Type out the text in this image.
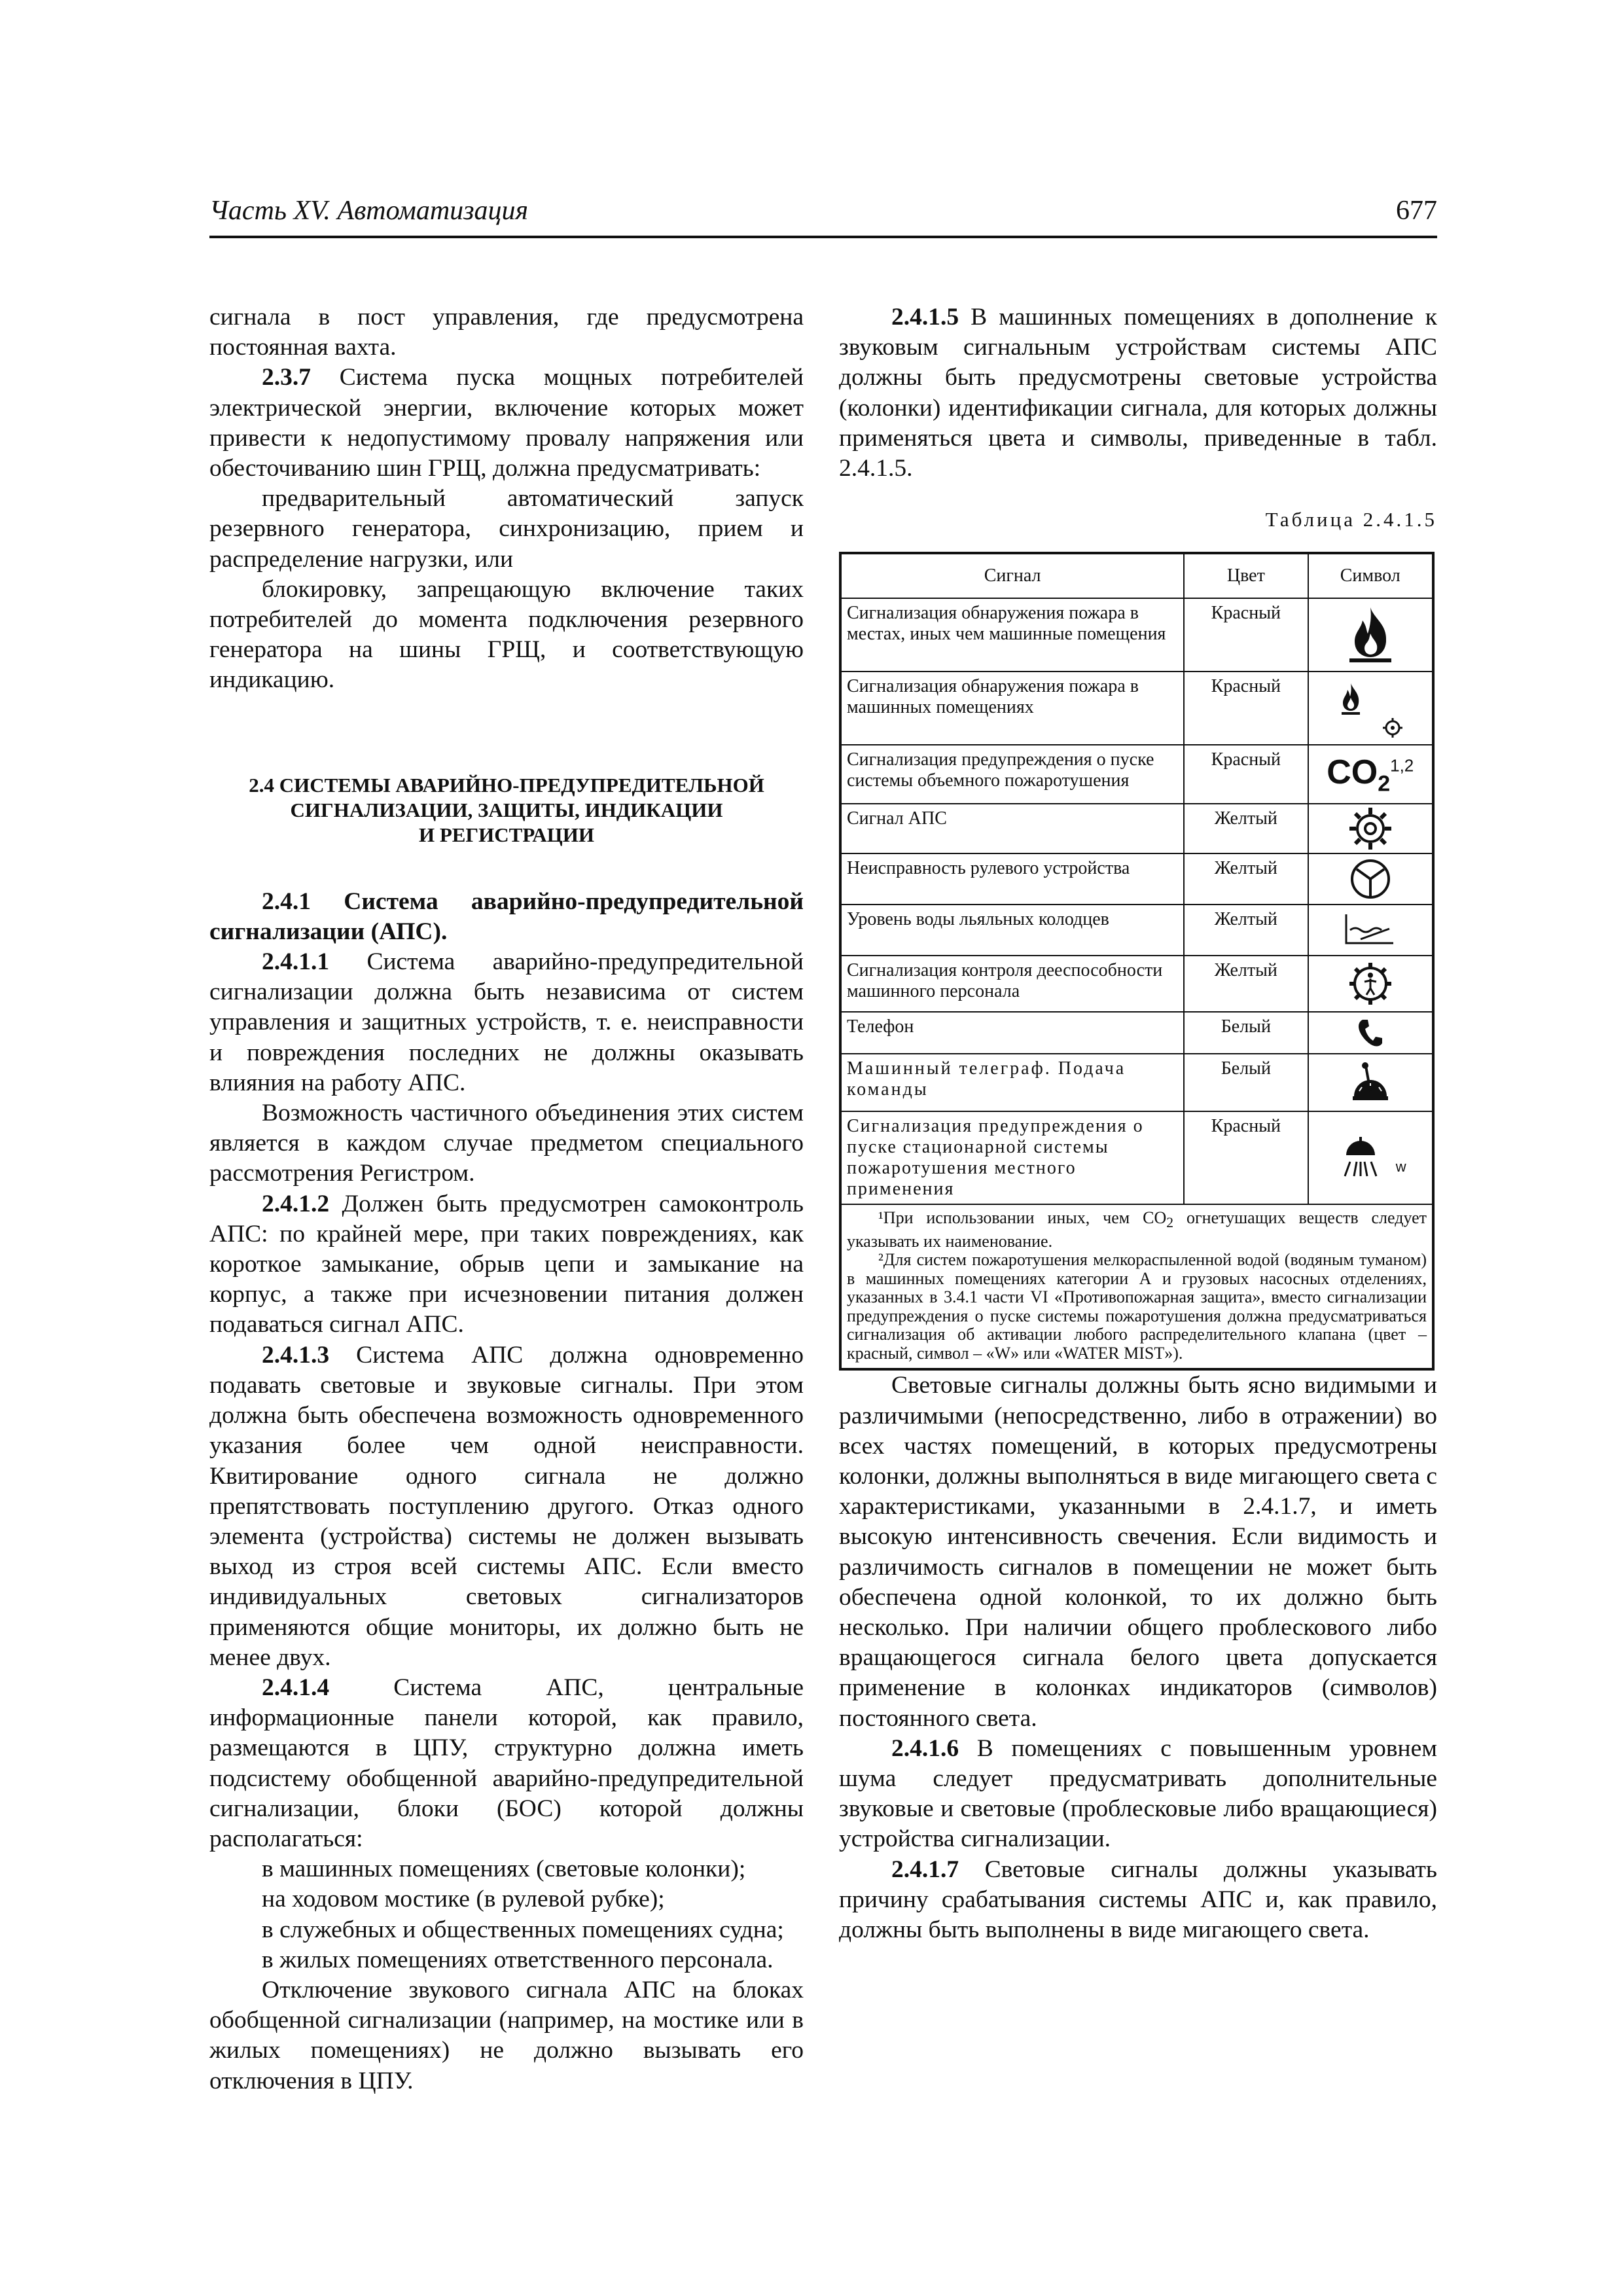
Часть XV. Автоматизация	677

сигнала в пост управления, где предусмотрена постоянная вахта.

2.3.7 Система пуска мощных потребителей электрической энергии, включение которых может привести к недопустимому провалу напряжения или обесточиванию шин ГРЩ, должна предусматривать:

предварительный автоматический запуск резервного генератора, синхронизацию, прием и распределение нагрузки, или

блокировку, запрещающую включение таких потребителей до момента подключения резервного генератора на шины ГРЩ, и соответствующую индикацию.

2.4 СИСТЕМЫ АВАРИЙНО-ПРЕДУПРЕДИТЕЛЬНОЙ
СИГНАЛИЗАЦИИ, ЗАЩИТЫ, ИНДИКАЦИИ
И РЕГИСТРАЦИИ

2.4.1 Система аварийно-предупредительной сигнализации (АПС).

2.4.1.1 Система аварийно-предупредительной сигнализации должна быть независима от систем управления и защитных устройств, т. е. неисправности и повреждения последних не должны оказывать влияния на работу АПС.

Возможность частичного объединения этих систем является в каждом случае предметом специального рассмотрения Регистром.

2.4.1.2 Должен быть предусмотрен самоконтроль АПС: по крайней мере, при таких повреждениях, как короткое замыкание, обрыв цепи и замыкание на корпус, а также при исчезновении питания должен подаваться сигнал АПС.

2.4.1.3 Система АПС должна одновременно подавать световые и звуковые сигналы. При этом должна быть обеспечена возможность одновременного указания более чем одной неисправности. Квитирование одного сигнала не должно препятствовать поступлению другого. Отказ одного элемента (устройства) системы не должен вызывать выход из строя всей системы АПС. Если вместо индивидуальных световых сигнализаторов применяются общие мониторы, их должно быть не менее двух.

2.4.1.4 Система АПС, центральные информационные панели которой, как правило, размещаются в ЦПУ, структурно должна иметь подсистему обобщенной аварийно-предупредительной сигнализации, блоки (БОС) которой должны располагаться:

в машинных помещениях (световые колонки);

на ходовом мостике (в рулевой рубке);

в служебных и общественных помещениях судна;

в жилых помещениях ответственного персонала.

Отключение звукового сигнала АПС на блоках обобщенной сигнализации (например, на мостике или в жилых помещениях) не должно вызывать его отключения в ЦПУ.

2.4.1.5 В машинных помещениях в дополнение к звуковым сигнальным устройствам системы АПС должны быть предусмотрены световые устройства (колонки) идентификации сигнала, для которых должны применяться цвета и символы, приведенные в табл. 2.4.1.5.

Таблица 2.4.1.5
Сигнал	Цвет	Символ
Сигнализация обнаружения пожара в местах, иных чем машинные помещения	Красный	

Сигнализация обнаружения пожара в машинных помещениях	Красный	

Сигнализация предупреждения о пуске системы объемного пожаротушения	Красный	$CO_2^{1,2}$
Сигнал АПС	Желтый	

Неисправность рулевого устройства	Желтый	

Уровень воды льяльных колодцев	Желтый	

Сигнализация контроля дееспособности машинного персонала	Желтый	

Телефон	Белый	

Машинный телеграф. Подача команды	Белый	

Сигнализация предупреждения о пуске стационарной системы пожаротушения местного применения	Красный	w

¹При использовании иных, чем $CO_2$ огнетушащих веществ следует указывать их наименование.

²Для систем пожаротушения мелкораспыленной водой (водяным туманом) в машинных помещениях категории А и грузовых насосных отделениях, указанных в 3.4.1 части VI «Противопожарная защита», вместо сигнализации предупреждения о пуске системы пожаротушения должна предусматриваться сигнализация об активации любого распределительного клапана (цвет – красный, символ – «W» или «WATER MIST»).		

Световые сигналы должны быть ясно видимыми и различимыми (непосредственно, либо в отражении) во всех частях помещений, в которых предусмотрены колонки, должны выполняться в виде мигающего света с характеристиками, указанными в 2.4.1.7, и иметь высокую интенсивность свечения. Если видимость и различимость сигналов в помещении не может быть обеспечена одной колонкой, то их должно быть несколько. При наличии общего проблескового либо вращающегося сигнала белого цвета допускается применение в колонках индикаторов (символов) постоянного света.

2.4.1.6 В помещениях с повышенным уровнем шума следует предусматривать дополнительные звуковые и световые (проблесковые либо вращающиеся) устройства сигнализации.

2.4.1.7 Световые сигналы должны указывать причину срабатывания системы АПС и, как правило, должны быть выполнены в виде мигающего света.
